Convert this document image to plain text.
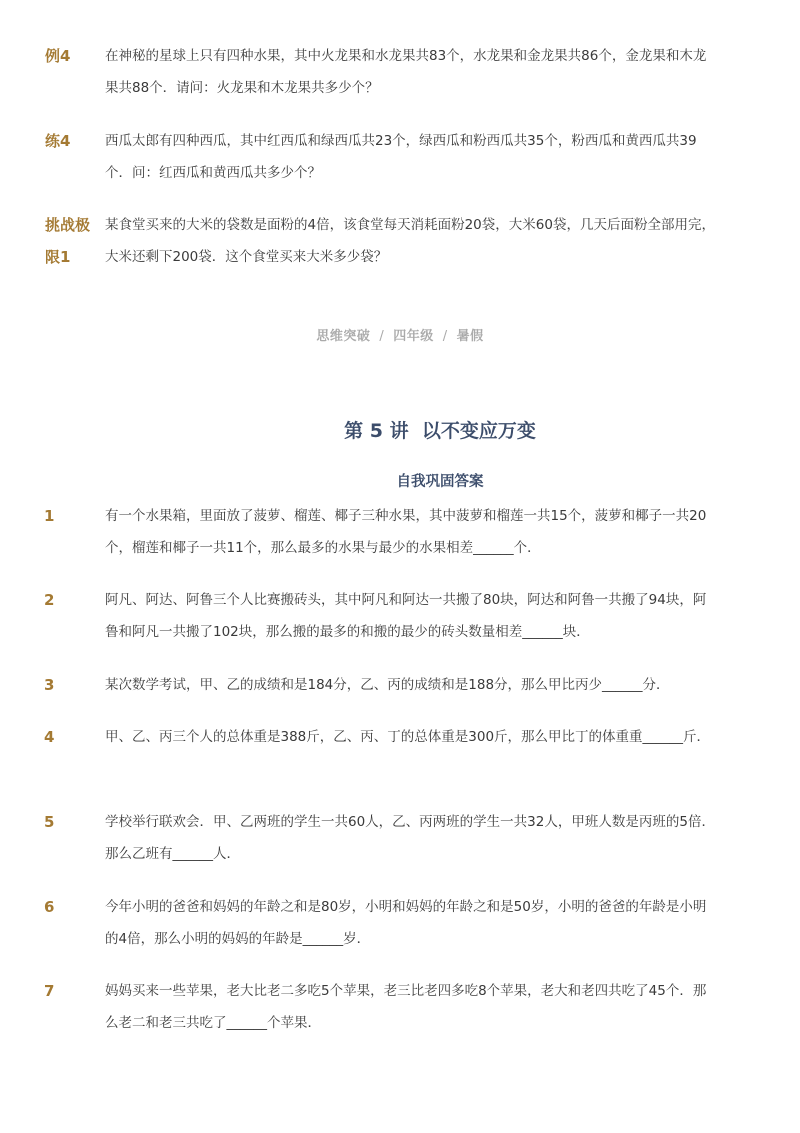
例4	在神秘的星球上只有四种水果，其中火龙果和水龙果共83个，水龙果和金龙果共86个，金龙果和木龙果共88个．请问：火龙果和木龙果共多少个？
练4	西瓜太郎有四种西瓜，其中红西瓜和绿西瓜共23个，绿西瓜和粉西瓜共35个，粉西瓜和黄西瓜共39个．问：红西瓜和黄西瓜共多少个？
挑战极限1
某食堂买来的大米的袋数是面粉的4倍，该食堂每天消耗面粉20袋，大米60袋，几天后面粉全部用完，大米还剩下200袋．这个食堂买来大米多少袋？
思维突破 / 四年级 / 暑假
第 5 讲  以不变应万变
自我巩固答案
1	有一个水果箱，里面放了菠萝、榴莲、椰子三种水果，其中菠萝和榴莲一共15个，菠萝和椰子一共20个，榴莲和椰子一共11个，那么最多的水果与最少的水果相差______个．
2	阿凡、阿达、阿鲁三个人比赛搬砖头，其中阿凡和阿达一共搬了80块，阿达和阿鲁一共搬了94块，阿鲁和阿凡一共搬了102块，那么搬的最多的和搬的最少的砖头数量相差______块．
3	某次数学考试，甲、乙的成绩和是184分，乙、丙的成绩和是188分，那么甲比丙少______分．
4	甲、乙、丙三个人的总体重是388斤，乙、丙、丁的总体重是300斤，那么甲比丁的体重重______斤．
5	学校举行联欢会．甲、乙两班的学生一共60人，乙、丙两班的学生一共32人，甲班人数是丙班的5倍．那么乙班有______人．
6	今年小明的爸爸和妈妈的年龄之和是80岁，小明和妈妈的年龄之和是50岁，小明的爸爸的年龄是小明的4倍，那么小明的妈妈的年龄是______岁．
7	妈妈买来一些苹果，老大比老二多吃5个苹果，老三比老四多吃8个苹果，老大和老四共吃了45个．那么老二和老三共吃了______个苹果．
